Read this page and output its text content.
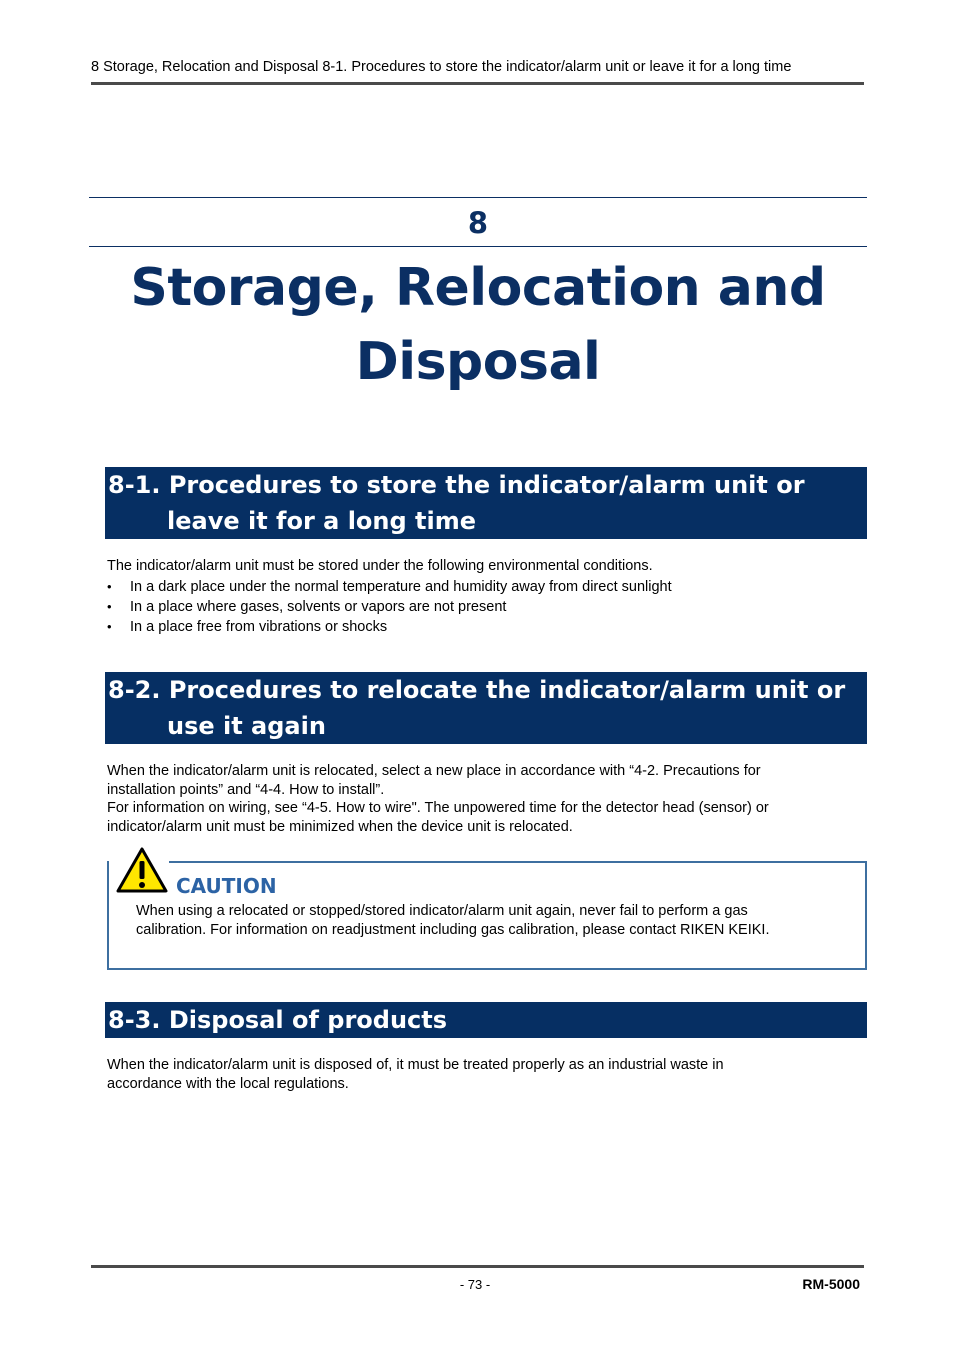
8 Storage, Relocation and Disposal 8-1. Procedures to store the indicator/alarm unit or leave it for a long time
8
Storage, Relocation and
Disposal
8-1. Procedures to store the indicator/alarm unit or
leave it for a long time
The indicator/alarm unit must be stored under the following environmental conditions.
• In a dark place under the normal temperature and humidity away from direct sunlight
• In a place where gases, solvents or vapors are not present
• In a place free from vibrations or shocks
8-2. Procedures to relocate the indicator/alarm unit or
use it again
When the indicator/alarm unit is relocated, select a new place in accordance with “4-2. Precautions for
installation points” and “4-4. How to install”.
For information on wiring, see “4-5. How to wire". The unpowered time for the detector head (sensor) or
indicator/alarm unit must be minimized when the device unit is relocated.
CAUTION
When using a relocated or stopped/stored indicator/alarm unit again, never fail to perform a gas
calibration. For information on readjustment including gas calibration, please contact RIKEN KEIKI.
8-3. Disposal of products
When the indicator/alarm unit is disposed of, it must be treated properly as an industrial waste in
accordance with the local regulations.
- 73 -	RM-5000
